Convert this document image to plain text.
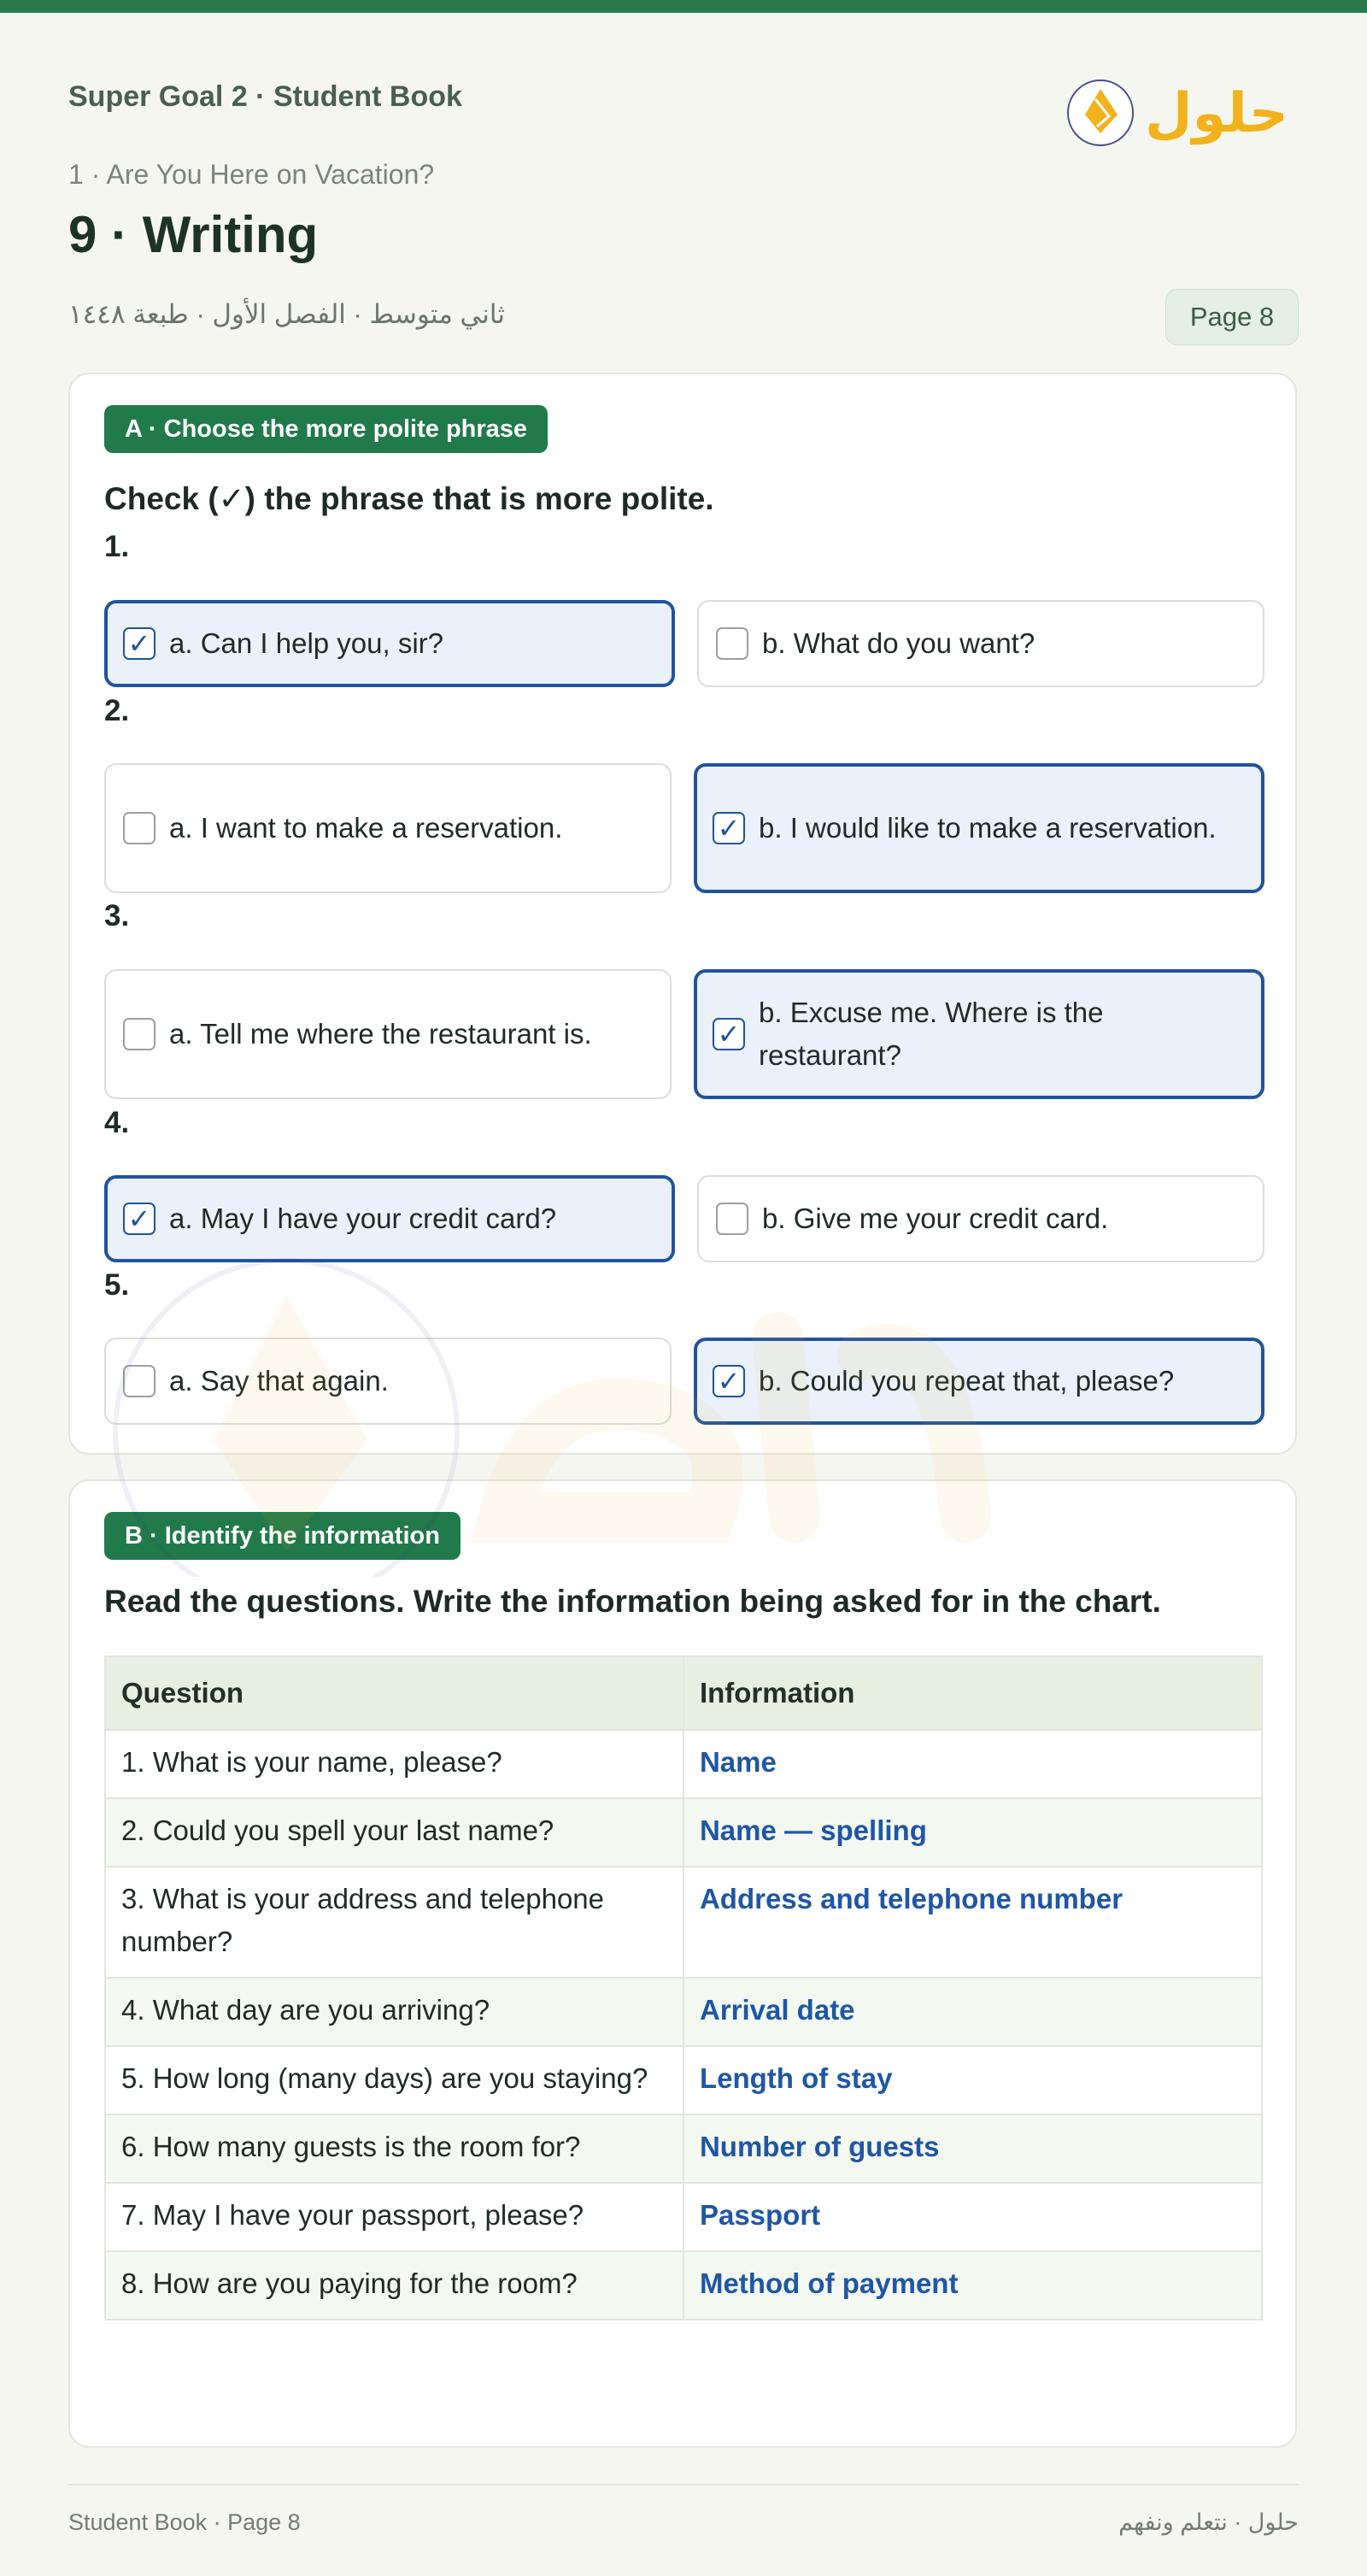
Super Goal 2 · Student Book	حلول
1 · Are You Here on Vacation?
9 · Writing
ثاني متوسط · الفصل الأول · طبعة ١٤٤٨	Page 8
A · Choose the more polite phrase
Check (✓) the phrase that is more polite.
1.
✓ a. Can I help you, sir?	b. What do you want?
2.
a. I want to make a reservation.	✓ b. I would like to make a reservation.
3.
a. Tell me where the restaurant is.	✓
b. Excuse me. Where is the restaurant?
4.
✓ a. May I have your credit card?	b. Give me your credit card.
5.
a. Say that again.	✓ b. Could you repeat that, please?
B · Identify the information
Read the questions. Write the information being asked for in the chart.
Question	Information
1. What is your name, please?	Name
2. Could you spell your last name?	Name — spelling
3. What is your address and telephone number?	Address and telephone number
4. What day are you arriving?	Arrival date
5. How long (many days) are you staying?	Length of stay
6. How many guests is the room for?	Number of guests
7. May I have your passport, please?	Passport
8. How are you paying for the room?	Method of payment
Student Book · Page 8	حلول · نتعلم ونفهم
